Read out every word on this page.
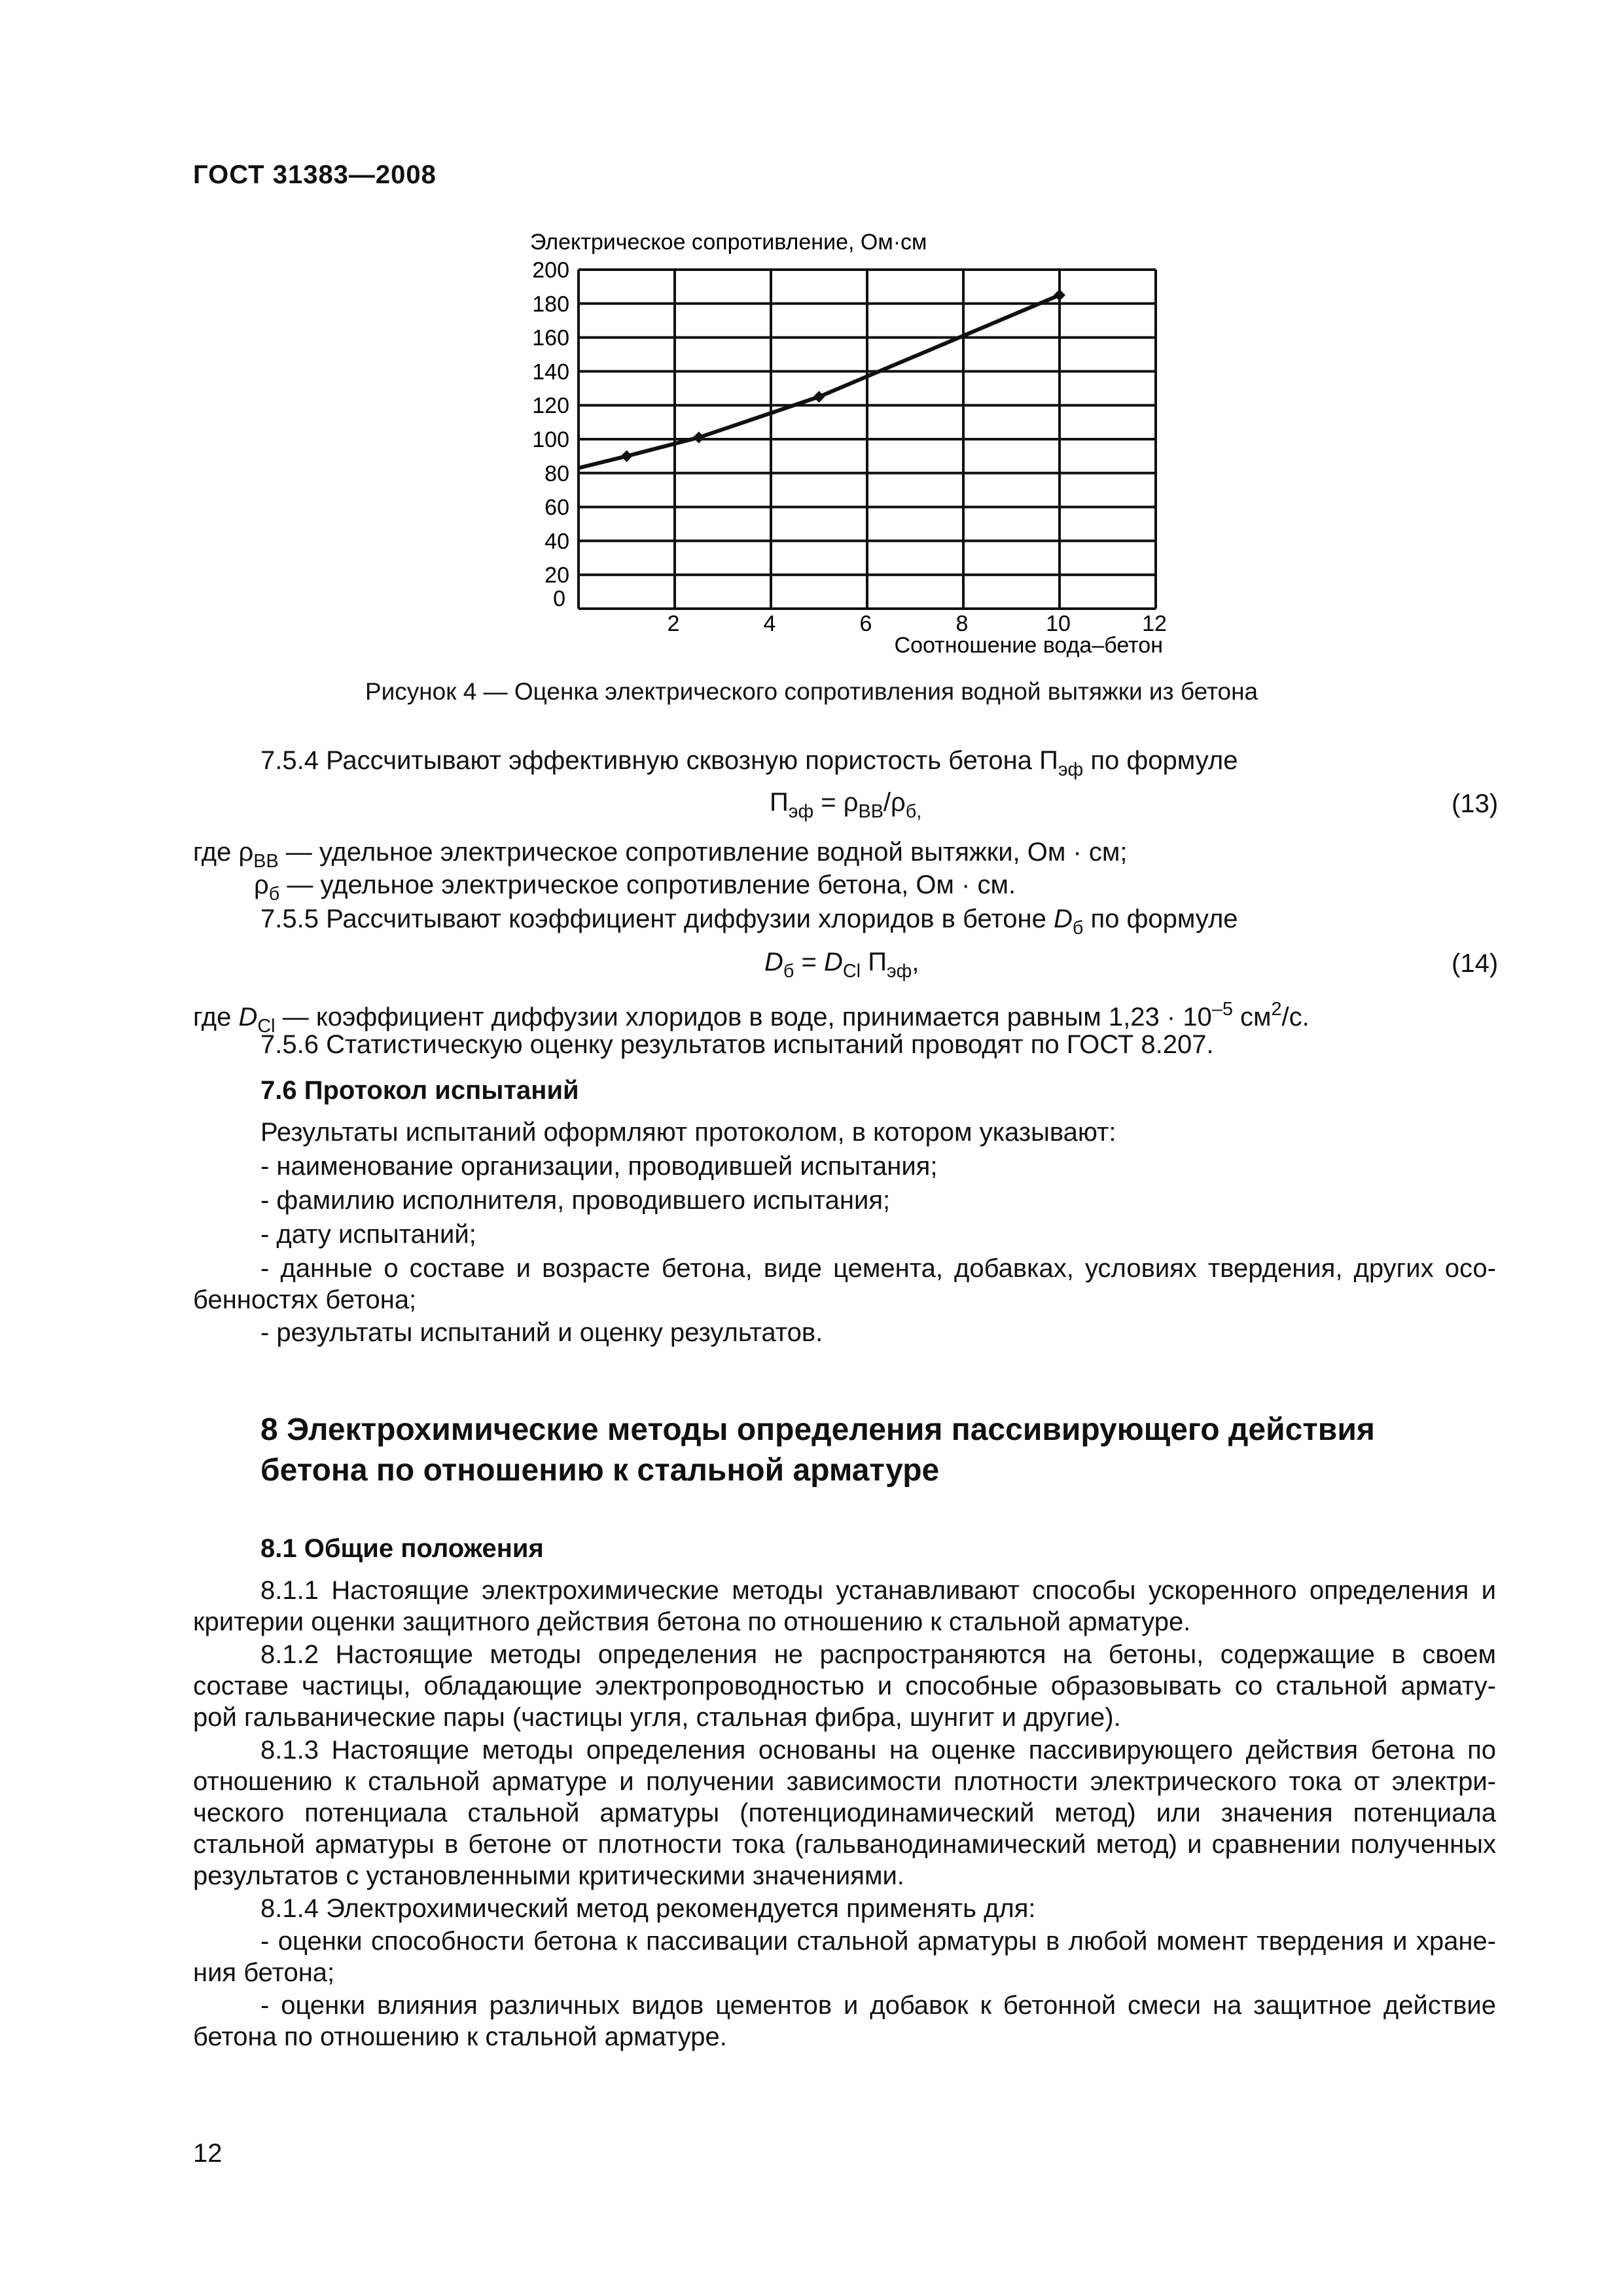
ГОСТ 31383—2008
Электрическое сопротивление, Ом·см
20
40
60
80
100
120
140
160
180
200
0
2	4	6	8	10	12
Соотношение вода–бетон
Рисунок 4 — Оценка электрического сопротивления водной вытяжки из бетона
7.5.4 Рассчитывают эффективную сквозную пористость бетона $П_{эф}$ по формуле
$П_{эф} = \rho_{ВВ}/\rho_{б,}$	(13)
где $\rho_{ВВ}$ — удельное электрическое сопротивление водной вытяжки, Ом · см;
$\rho_б$ — удельное электрическое сопротивление бетона, Ом · см.
7.5.5 Рассчитывают коэффициент диффузии хлоридов в бетоне $D_б$ по формуле
$D_б = D_{Cl}$ $П_{эф}$,	(14)
где $D_{Cl}$ — коэффициент диффузии хлоридов в воде, принимается равным $1,23 \cdot 10^{-5}$ $см^2/с$.
7.5.6 Статистическую оценку результатов испытаний проводят по ГОСТ 8.207.
7.6 Протокол испытаний
Результаты испытаний оформляют протоколом, в котором указывают:
- наименование организации, проводившей испытания;
- фамилию исполнителя, проводившего испытания;
- дату испытаний;
- данные о составе и возрасте бетона, виде цемента, добавках, условиях твердения, других осо-
бенностях бетона;
- результаты испытаний и оценку результатов.
8 Электрохимические методы определения пассивирующего действия
бетона по отношению к стальной арматуре
8.1 Общие положения
8.1.1 Настоящие электрохимические методы устанавливают способы ускоренного определения и
критерии оценки защитного действия бетона по отношению к стальной арматуре.
8.1.2 Настоящие методы определения не распространяются на бетоны, содержащие в своем
составе частицы, обладающие электропроводностью и способные образовывать со стальной армату-
рой гальванические пары (частицы угля, стальная фибра, шунгит и другие).
8.1.3 Настоящие методы определения основаны на оценке пассивирующего действия бетона по
отношению к стальной арматуре и получении зависимости плотности электрического тока от электри-
ческого потенциала стальной арматуры (потенциодинамический метод) или значения потенциала
стальной арматуры в бетоне от плотности тока (гальванодинамический метод) и сравнении полученных
результатов с установленными критическими значениями.
8.1.4 Электрохимический метод рекомендуется применять для:
- оценки способности бетона к пассивации стальной арматуры в любой момент твердения и хране-
ния бетона;
- оценки влияния различных видов цементов и добавок к бетонной смеси на защитное действие
бетона по отношению к стальной арматуре.
12
